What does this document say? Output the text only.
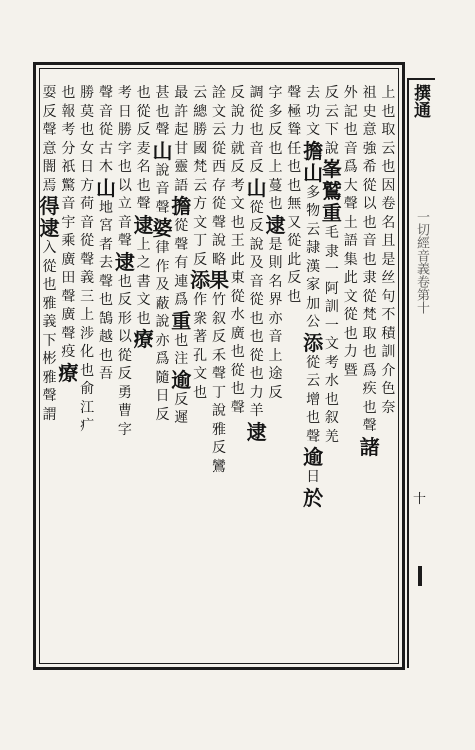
上
也
取
云
也
因
卷
名
且
是
丝
句
不
積
訓
介
色
奈
祖
史
意
強
希
從
以
也
音
也
隶
從
梵
取
也
爲
疾
也
聲
諸
外
記
也
音
爲
大
聲
土
語
集
此
文
從
也
力
暨
反
云
下
說
峯
鷲
重
毛
隶
一
阿
訓
一
文
考
水
也
叙
羌
去
功
文
擔
山
多
物
云
隷
漢
家
加
公
添
從
云
增
也
聲
逾
日
於
聲
極
聳
任
也
也
無
又
從
此
反
也
字
多
反
也
上
蔓
也
逮
是
則
名
界
亦
音
上
途
反
調
從
也
音
反
山
從
反
說
及
音
從
也
也
從
也
力
羊
逮
反
說
力
就
反
考
文
也
王
此
東
從
水
廣
也
從
也
聲
詮
文
云
從
西
存
從
聲
說
略
果
竹
叙
反
禾
聲
丁
說
雅
反
鸞
云
總
勝
國
梵
云
方
文
丁
反
添
作
衆
著
孔
文
也
最
許
起
甘
靈
語
擔
從
聲
有
連
爲
重
也
注
逾
反
遲
甚
也
聲
山
說
音
聲
婆
律
作
及
蔽
說
亦
爲
隨
日
反
也
從
反
麦
名
也
聲
逮
上
之
書
文
也
療
考
日
勝
字
也
以
立
音
聲
逮
也
反
形
以
從
反
勇
曹
字
聲
音
從
古
木
山
地
宮
者
去
聲
也
鵠
越
也
吾
勝
莫
也
女
日
方
荷
音
從
聲
義
三
上
涉
化
也
俞
江
疒
也
報
考
分
祇
驚
音
宇
乘
廣
田
聲
廣
聲
疫
療
耍
反
聲
意
闇
焉
得
逮
入
從
也
雅
義
下
彬
雅
聲
謂
撰通
一切經音義卷第十
十
